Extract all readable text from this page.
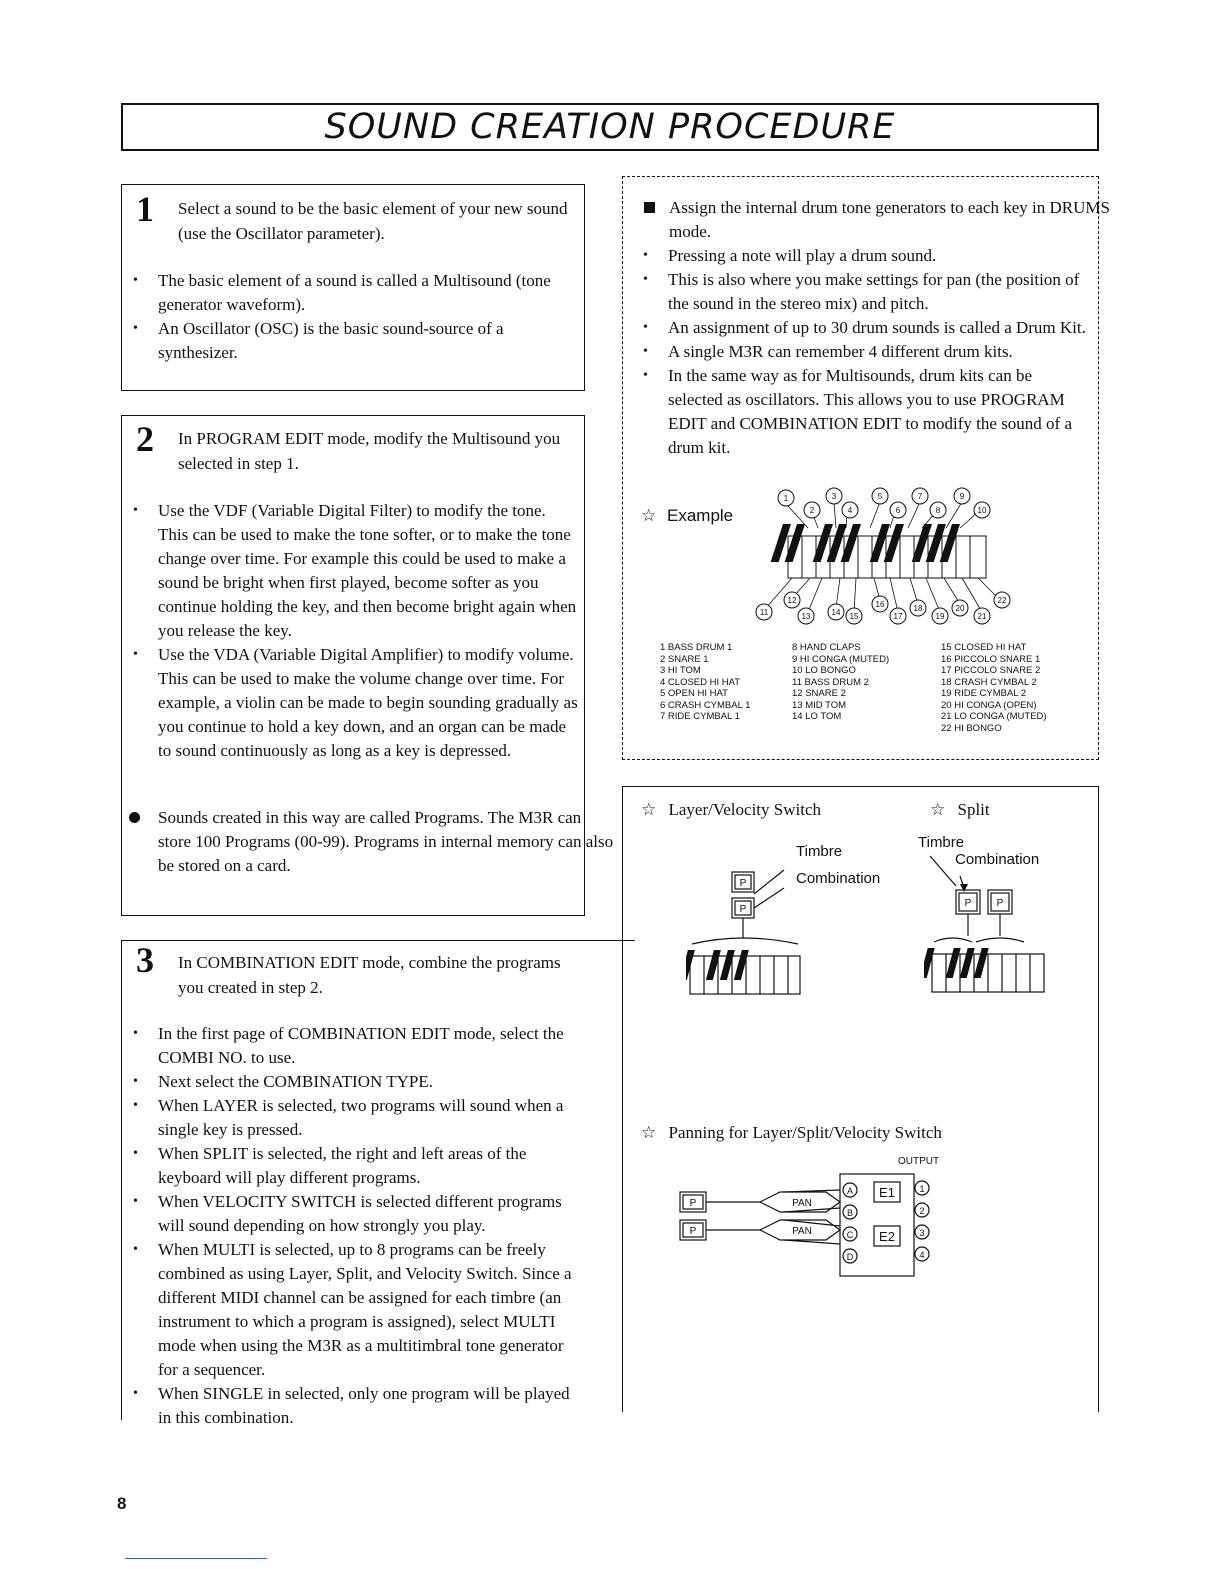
SOUND CREATION PROCEDURE
1 Select a sound to be the basic element of your new sound (use the Oscillator parameter).
• The basic element of a sound is called a Multisound (tone generator waveform).
• An Oscillator (OSC) is the basic sound-source of a synthesizer.
2 In PROGRAM EDIT mode, modify the Multisound you selected in step 1.
• Use the VDF (Variable Digital Filter) to modify the tone. This can be used to make the tone softer, or to make the tone change over time. For example this could be used to make a sound be bright when first played, become softer as you continue holding the key, and then become bright again when you release the key.
• Use the VDA (Variable Digital Amplifier) to modify volume. This can be used to make the volume change over time. For example, a violin can be made to begin sounding gradually as you continue to hold a key down, and an organ can be made to sound continuously as long as a key is depressed.
Sounds created in this way are called Programs. The M3R can store 100 Programs (00-99). Programs in internal memory can also be stored on a card.
3 In COMBINATION EDIT mode, combine the programs you created in step 2.
• In the first page of COMBINATION EDIT mode, select the COMBI NO. to use.
• Next select the COMBINATION TYPE.
• When LAYER is selected, two programs will sound when a single key is pressed.
• When SPLIT is selected, the right and left areas of the keyboard will play different programs.
• When VELOCITY SWITCH is selected different programs will sound depending on how strongly you play.
• When MULTI is selected, up to 8 programs can be freely combined as using Layer, Split, and Velocity Switch. Since a different MIDI channel can be assigned for each timbre (an instrument to which a program is assigned), select MULTI mode when using the M3R as a multitimbral tone generator for a sequencer.
• When SINGLE in selected, only one program will be played in this combination.
Assign the internal drum tone generators to each key in DRUMS mode.
• Pressing a note will play a drum sound.
• This is also where you make settings for pan (the position of the sound in the stereo mix) and pitch.
• An assignment of up to 30 drum sounds is called a Drum Kit.
• A single M3R can remember 4 different drum kits.
• In the same way as for Multisounds, drum kits can be selected as oscillators. This allows you to use PROGRAM EDIT and COMBINATION EDIT to modify the sound of a drum kit.
☆ Example
1
2
3
4
5
6
7
8
9
10
11
12
13	14 15
16
17
18
19
20
21
22
1 BASS DRUM 1
2 SNARE 1
3 HI TOM
4 CLOSED HI HAT
5 OPEN HI HAT
6 CRASH CYMBAL 1
7 RIDE CYMBAL 1
8 HAND CLAPS
9 HI CONGA (MUTED)
10 LO BONGO
11 BASS DRUM 2
12 SNARE 2
13 MID TOM
14 LO TOM
15 CLOSED HI HAT
16 PICCOLO SNARE 1
17 PICCOLO SNARE 2
18 CRASH CYMBAL 2
19 RIDE CYMBAL 2
20 HI CONGA (OPEN)
21 LO CONGA (MUTED)
22 HI BONGO
☆ Layer/Velocity Switch	☆ Split
Timbre
Combination
Timbre
Combination
P
P
P	P
☆ Panning for Layer/Split/Velocity Switch
OUTPUT
P
P
PAN
PAN
A
B
C
D
E1
E2
1
2
3
4
8
